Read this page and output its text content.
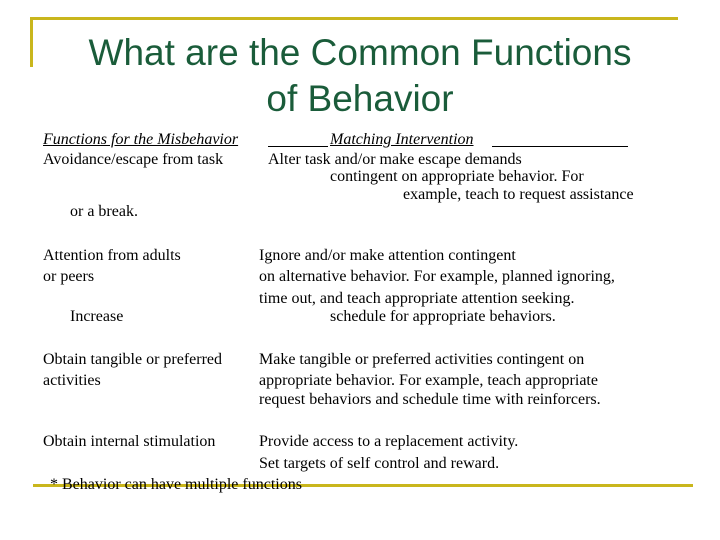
What are the Common Functions
of Behavior
Functions for the Misbehavior	Matching Intervention
Avoidance/escape from task
or a break.
Alter task and/or make escape demands
contingent on appropriate behavior. For
example, teach to request assistance
Attention from adults
or peers
Increase
Ignore and/or make attention contingent
on alternative behavior. For example, planned ignoring,
time out, and teach appropriate attention seeking.
schedule for appropriate behaviors.
Obtain tangible or preferred
activities
Make tangible or preferred activities contingent on
appropriate behavior. For example, teach appropriate
request behaviors and schedule time with reinforcers.
Obtain internal stimulation	Provide access to a replacement activity.
Set targets of self control and reward.
* Behavior can have multiple functions
